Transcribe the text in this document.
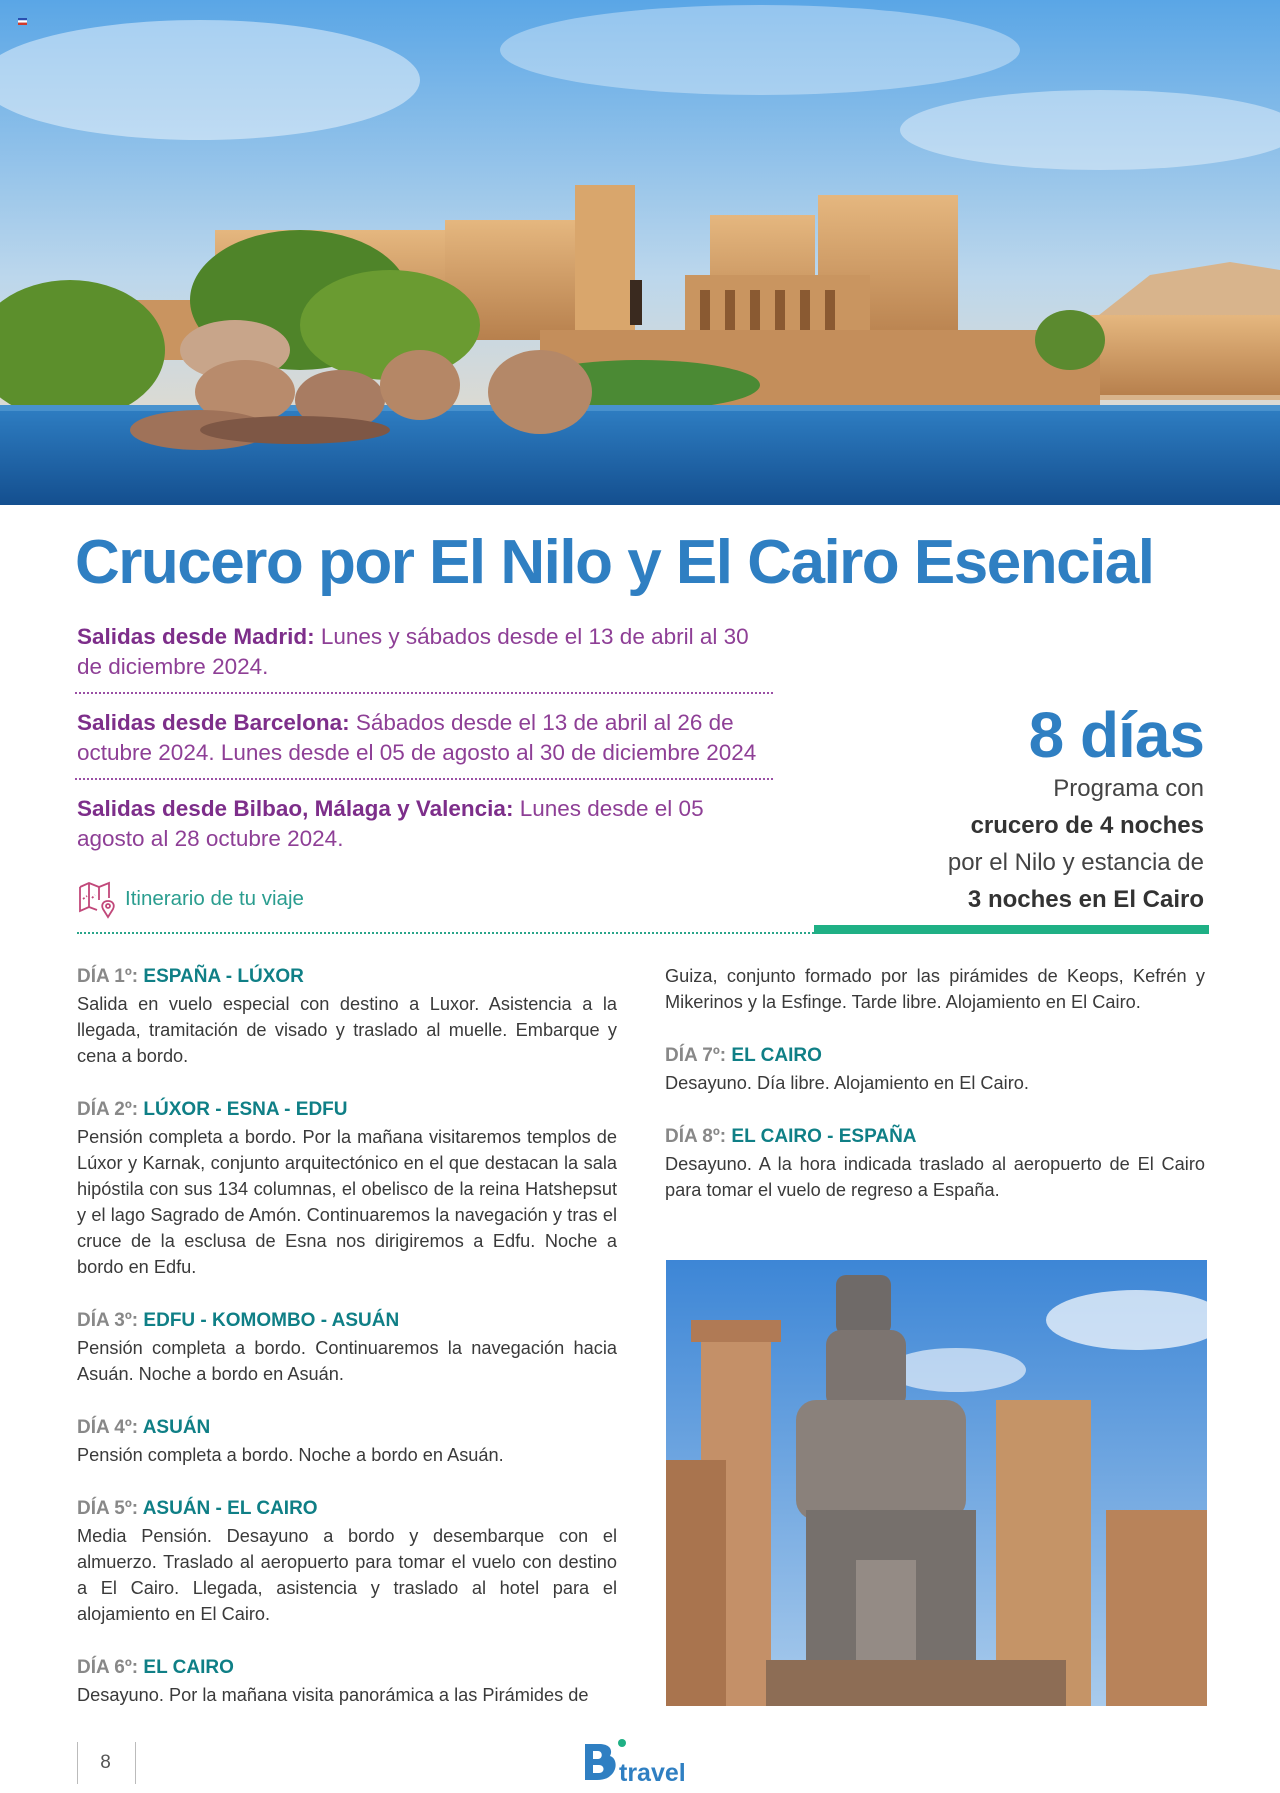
Crucero por El Nilo y El Cairo Esencial
Salidas desde Madrid: Lunes y sábados desde el 13 de abril al 30 de diciembre 2024.
Salidas desde Barcelona: Sábados desde el 13 de abril al 26 de octubre 2024. Lunes desde el 05 de agosto al 30 de diciembre 2024
Salidas desde Bilbao, Málaga y Valencia: Lunes desde el 05 agosto al 28 octubre 2024.
8 días
Programa con
crucero de 4 noches
por el Nilo y estancia de
3 noches en El Cairo
Itinerario de tu viaje
DÍA 1º: ESPAÑA - LÚXOR

Salida en vuelo especial con destino a Luxor. Asistencia a la llegada, tramitación de visado y traslado al muelle. Embarque y cena a bordo.

DÍA 2º: LÚXOR - ESNA - EDFU

Pensión completa a bordo. Por la mañana visitaremos templos de Lúxor y Karnak, conjunto arquitectónico en el que destacan la sala hipóstila con sus 134 columnas, el obelisco de la reina Hatshepsut y el lago Sagrado de Amón. Continuaremos la navegación y tras el cruce de la esclusa de Esna nos dirigiremos a Edfu. Noche a bordo en Edfu.

DÍA 3º: EDFU - KOMOMBO - ASUÁN

Pensión completa a bordo. Continuaremos la navegación hacia Asuán. Noche a bordo en Asuán.

DÍA 4º: ASUÁN

Pensión completa a bordo. Noche a bordo en Asuán.

DÍA 5º: ASUÁN - EL CAIRO

Media Pensión. Desayuno a bordo y desembarque con el almuerzo. Traslado al aeropuerto para tomar el vuelo con destino a El Cairo. Llegada, asistencia y traslado al hotel para el alojamiento en El Cairo.

DÍA 6º: EL CAIRO

Desayuno. Por la mañana visita panorámica a las Pirámides de

Guiza, conjunto formado por las pirámides de Keops, Kefrén y Mikerinos y la Esfinge. Tarde libre. Alojamiento en El Cairo.

DÍA 7º: EL CAIRO

Desayuno. Día libre. Alojamiento en El Cairo.

DÍA 8º: EL CAIRO - ESPAÑA

Desayuno. A la hora indicada traslado al aeropuerto de El Cairo para tomar el vuelo de regreso a España.

8	travel
